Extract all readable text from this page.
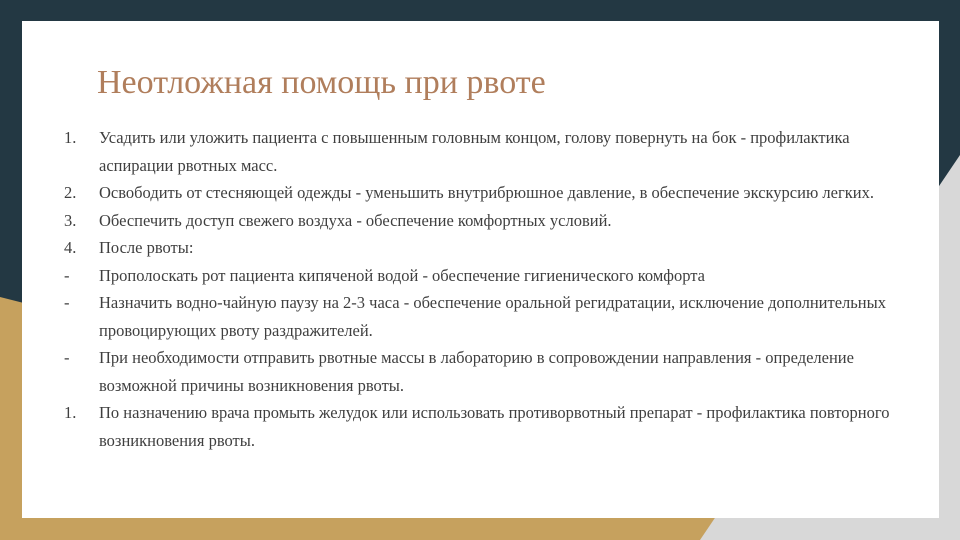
Неотложная помощь при рвоте
1. Усадить или уложить пациента с повышенным головным концом, голову повернуть на бок - профилактика аспирации рвотных масс.
2. Освободить от стесняющей одежды - уменьшить внутрибрюшное давление, в обеспечение экскурсию легких.
3. Обеспечить доступ свежего воздуха - обеспечение комфортных условий.
4. После рвоты:
- Прополоскать рот пациента кипяченой водой - обеспечение гигиенического комфорта
- Назначить водно-чайную паузу на 2-3 часа - обеспечение оральной регидратации, исключение дополнительных провоцирующих рвоту раздражителей.
- При необходимости отправить рвотные массы в лабораторию в сопровождении направления - определение возможной причины возникновения рвоты.
1. По назначению врача промыть желудок или использовать противорвотный препарат - профилактика повторного возникновения рвоты.
